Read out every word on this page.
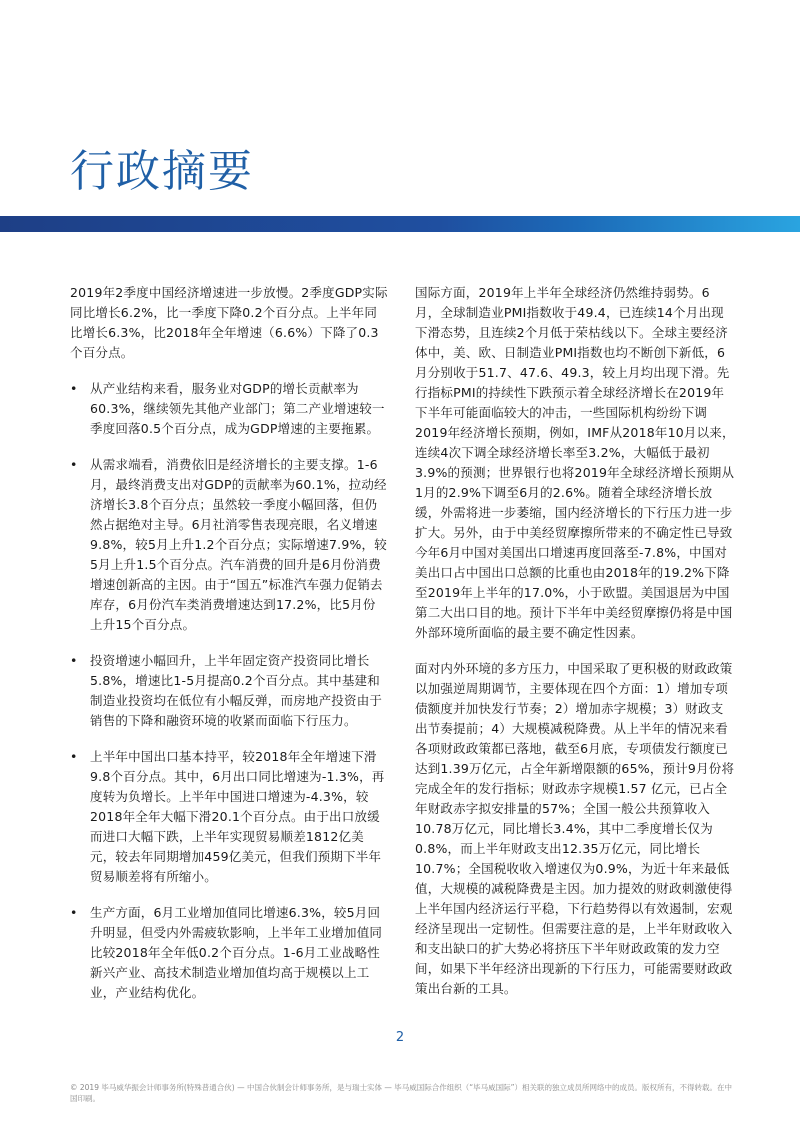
行政摘要

2019年2季度中国经济增速进一步放慢。2季度GDP实际同比增长6.2%，比一季度下降0.2个百分点。上半年同比增长6.3%，比2018年全年增速（6.6%）下降了0.3个百分点。

• 从产业结构来看，服务业对GDP的增长贡献率为60.3%，继续领先其他产业部门；第二产业增速较一季度回落0.5个百分点，成为GDP增速的主要拖累。
• 从需求端看，消费依旧是经济增长的主要支撑。1-6月，最终消费支出对GDP的贡献率为60.1%，拉动经济增长3.8个百分点；虽然较一季度小幅回落，但仍然占据绝对主导。6月社消零售表现亮眼，名义增速9.8%，较5月上升1.2个百分点；实际增速7.9%，较5月上升1.5个百分点。汽车消费的回升是6月份消费增速创新高的主因。由于“国五”标准汽车强力促销去库存，6月份汽车类消费增速达到17.2%，比5月份上升15个百分点。
• 投资增速小幅回升，上半年固定资产投资同比增长5.8%，增速比1-5月提高0.2个百分点。其中基建和制造业投资均在低位有小幅反弹，而房地产投资由于销售的下降和融资环境的收紧而面临下行压力。
• 上半年中国出口基本持平，较2018年全年增速下滑9.8个百分点。其中，6月出口同比增速为-1.3%，再度转为负增长。上半年中国进口增速为-4.3%，较2018年全年大幅下滑20.1个百分点。由于出口放缓而进口大幅下跌，上半年实现贸易顺差1812亿美元，较去年同期增加459亿美元，但我们预期下半年贸易顺差将有所缩小。
• 生产方面，6月工业增加值同比增速6.3%，较5月回升明显，但受内外需疲软影响，上半年工业增加值同比较2018年全年低0.2个百分点。1-6月工业战略性新兴产业、高技术制造业增加值均高于规模以上工业，产业结构优化。

国际方面，2019年上半年全球经济仍然维持弱势。6月，全球制造业PMI指数收于49.4，已连续14个月出现下滑态势，且连续2个月低于荣枯线以下。全球主要经济体中，美、欧、日制造业PMI指数也均不断创下新低，6月分别收于51.7、47.6、49.3，较上月均出现下滑。先行指标PMI的持续性下跌预示着全球经济增长在2019年下半年可能面临较大的冲击，一些国际机构纷纷下调2019年经济增长预期，例如，IMF从2018年10月以来，连续4次下调全球经济增长率至3.2%，大幅低于最初3.9%的预测；世界银行也将2019年全球经济增长预期从1月的2.9%下调至6月的2.6%。随着全球经济增长放缓，外需将进一步萎缩，国内经济增长的下行压力进一步扩大。另外，由于中美经贸摩擦所带来的不确定性已导致今年6月中国对美国出口增速再度回落至-7.8%，中国对美出口占中国出口总额的比重也由2018年的19.2%下降至2019年上半年的17.0%，小于欧盟。美国退居为中国第二大出口目的地。预计下半年中美经贸摩擦仍将是中国外部环境所面临的最主要不确定性因素。

面对内外环境的多方压力，中国采取了更积极的财政政策以加强逆周期调节，主要体现在四个方面：1）增加专项债额度并加快发行节奏；2）增加赤字规模；3）财政支出节奏提前；4）大规模减税降费。从上半年的情况来看各项财政政策都已落地，截至6月底，专项债发行额度已达到1.39万亿元，占全年新增限额的65%，预计9月份将完成全年的发行指标；财政赤字规模1.57 亿元，已占全年财政赤字拟安排量的57%；全国一般公共预算收入10.78万亿元，同比增长3.4%，其中二季度增长仅为0.8%，而上半年财政支出12.35万亿元，同比增长10.7%；全国税收收入增速仅为0.9%，为近十年来最低值，大规模的减税降费是主因。加力提效的财政刺激使得上半年国内经济运行平稳，下行趋势得以有效遏制，宏观经济呈现出一定韧性。但需要注意的是，上半年财政收入和支出缺口的扩大势必将挤压下半年财政政策的发力空间，如果下半年经济出现新的下行压力，可能需要财政政策出台新的工具。

2
© 2019 毕马威华振会计师事务所(特殊普通合伙) — 中国合伙制会计师事务所，是与瑞士实体 — 毕马威国际合作组织（“毕马威国际”）相关联的独立成员所网络中的成员。版权所有，不得转载。在中国印刷。
